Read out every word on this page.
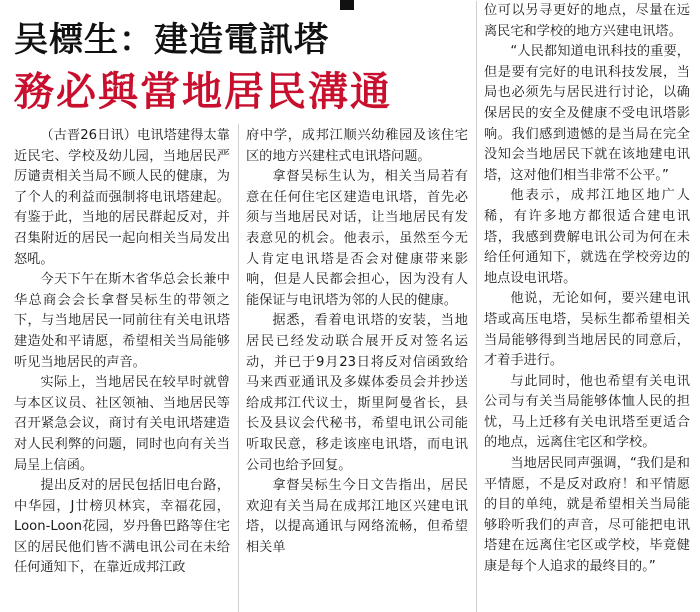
吴標生：建造電訊塔
務必與當地居民溝通

（古晋26日讯）电讯塔建得太靠近民宅、学校及幼儿园，当地居民严厉谴责相关当局不顾人民的健康，为了个人的利益而强制将电讯塔建起。有鉴于此，当地的居民群起反对，并召集附近的居民一起向相关当局发出怒吼。

今天下午在斯木省华总会长兼中华总商会会长拿督吴标生的带领之下，与当地居民一同前往有关电讯塔建造处和平请愿，希望相关当局能够听见当地居民的声音。

实际上，当地居民在较早时就曾与本区议员、社区领袖、当地居民等召开紧急会议，商讨有关电讯塔建造对人民利弊的问题，同时也向有关当局呈上信函。

提出反对的居民包括旧电台路，中华园，J廿榜贝林宾，幸福花园，Loon-Loon花园，岁丹鲁巴路等住宅区的居民他们皆不满电讯公司在未给任何通知下，在靠近成邦江政

府中学，成邦江顺兴幼稚园及该住宅区的地方兴建柱式电讯塔问题。

拿督吴标生认为，相关当局若有意在任何住宅区建造电讯塔，首先必须与当地居民对话，让当地居民有发表意见的机会。他表示，虽然至今无人肯定电讯塔是否会对健康带来影响，但是人民都会担心，因为没有人能保证与电讯塔为邻的人民的健康。

据悉，看着电讯塔的安装，当地居民已经发动联合展开反对签名运动，并已于9月23日将反对信函致给马来西亚通讯及多媒体委员会并抄送给成邦江代议士，斯里阿曼省长，县长及县议会代秘书，希望电讯公司能听取民意，移走该座电讯塔，而电讯公司也给予回复。

拿督吴标生今日文告指出，居民欢迎有关当局在成邦江地区兴建电讯塔，以提高通讯与网络流畅，但希望相关单

位可以另寻更好的地点，尽量在远离民宅和学校的地方兴建电讯塔。

“人民都知道电讯科技的重要，但是要有完好的电讯科技发展，当局也必须先与居民进行讨论，以确保居民的安全及健康不受电讯塔影响。我们感到遗憾的是当局在完全没知会当地居民下就在该地建电讯塔，这对他们相当非常不公平。”

他表示，成邦江地区地广人稀，有许多地方都很适合建电讯塔，我感到费解电讯公司为何在未给任何通知下，就选在学校旁边的地点设电讯塔。

他说，无论如何，要兴建电讯塔或高压电塔，吴标生都希望相关当局能够得到当地居民的同意后，才着手进行。

与此同时，他也希望有关电讯公司与有关当局能够体恤人民的担忧，马上迁移有关电讯塔至更适合的地点，远离住宅区和学校。

当地居民同声强调，“我们是和平情愿，不是反对政府！和平情愿的目的单纯，就是希望相关当局能够聆听我们的声音，尽可能把电讯塔建在远离住宅区或学校，毕竟健康是每个人追求的最终目的。”
